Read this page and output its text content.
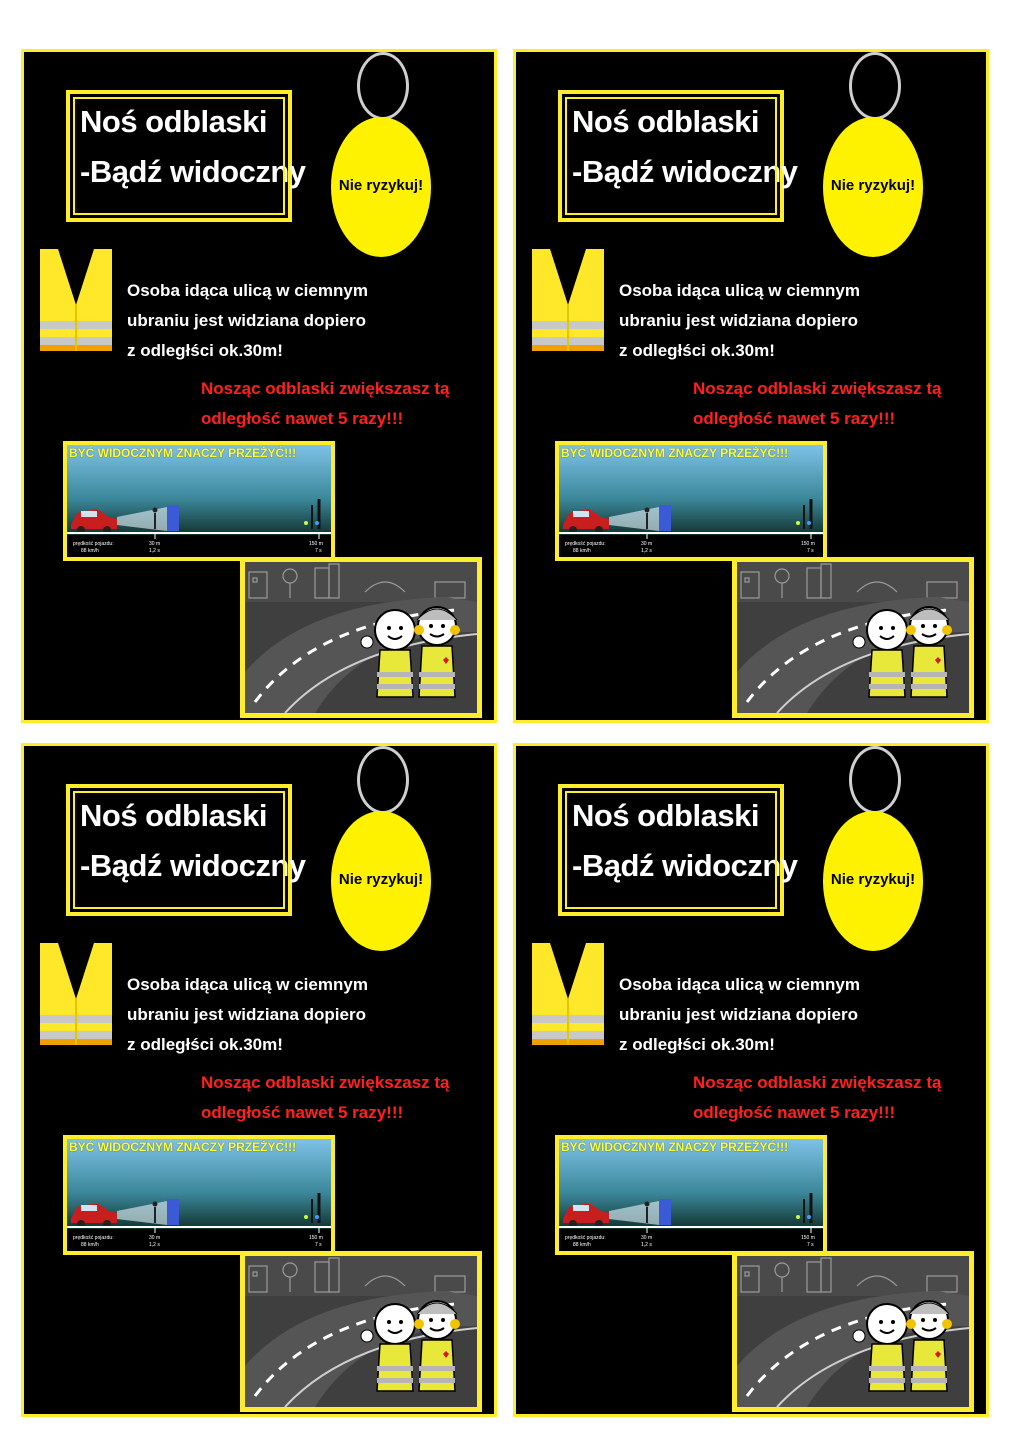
Noś odblaski
-Bądź widoczny	Nie ryzykuj!
Osoba idąca ulicą w ciemnym
ubraniu jest widziana dopiero
z odległści ok.30m!
Nosząc odblaski zwiększasz tą
odległość nawet 5 razy!!!
BYĆ WIDOCZNYM ZNACZY PRZEŻYĆ!!!
prędkość pojazdu:
88 km/h
30 m
1,2 s
150 m
7 s
Noś odblaski
-Bądź widoczny	Nie ryzykuj!
Osoba idąca ulicą w ciemnym
ubraniu jest widziana dopiero
z odległści ok.30m!
Nosząc odblaski zwiększasz tą
odległość nawet 5 razy!!!
BYĆ WIDOCZNYM ZNACZY PRZEŻYĆ!!!
prędkość pojazdu:
88 km/h
30 m
1,2 s
150 m
7 s
Noś odblaski
-Bądź widoczny	Nie ryzykuj!
Osoba idąca ulicą w ciemnym
ubraniu jest widziana dopiero
z odległści ok.30m!
Nosząc odblaski zwiększasz tą
odległość nawet 5 razy!!!
BYĆ WIDOCZNYM ZNACZY PRZEŻYĆ!!!
prędkość pojazdu:
88 km/h
30 m
1,2 s
150 m
7 s
Noś odblaski
-Bądź widoczny	Nie ryzykuj!
Osoba idąca ulicą w ciemnym
ubraniu jest widziana dopiero
z odległści ok.30m!
Nosząc odblaski zwiększasz tą
odległość nawet 5 razy!!!
BYĆ WIDOCZNYM ZNACZY PRZEŻYĆ!!!
prędkość pojazdu:
88 km/h
30 m
1,2 s
150 m
7 s
